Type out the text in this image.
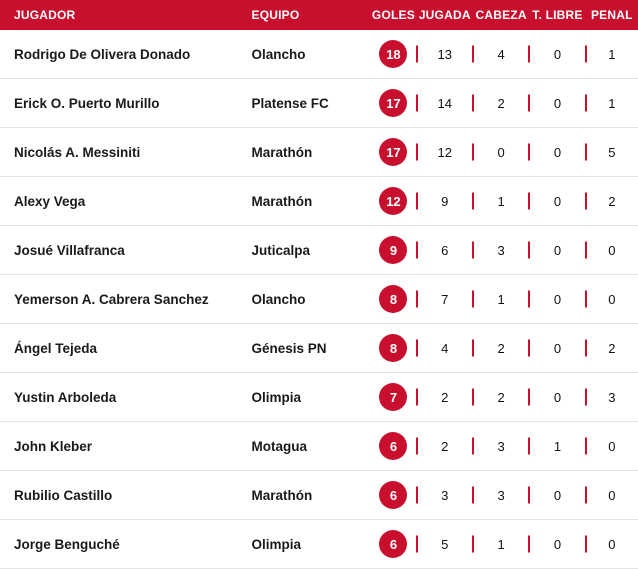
JUGADOR	EQUIPO	GOLES	JUGADA	CABEZA	T. LIBRE	PENAL
Rodrigo De Olivera Donado	Olancho	18	13	4	0	1
Erick O. Puerto Murillo	Platense FC	17	14	2	0	1
Nicolás A. Messiniti	Marathón	17	12	0	0	5
Alexy Vega	Marathón	12	9	1	0	2
Josué Villafranca	Juticalpa	9	6	3	0	0
Yemerson A. Cabrera Sanchez	Olancho	8	7	1	0	0
Ángel Tejeda	Génesis PN	8	4	2	0	2
Yustin Arboleda	Olimpia	7	2	2	0	3
John Kleber	Motagua	6	2	3	1	0
Rubilio Castillo	Marathón	6	3	3	0	0
Jorge Benguché	Olimpia	6	5	1	0	0
